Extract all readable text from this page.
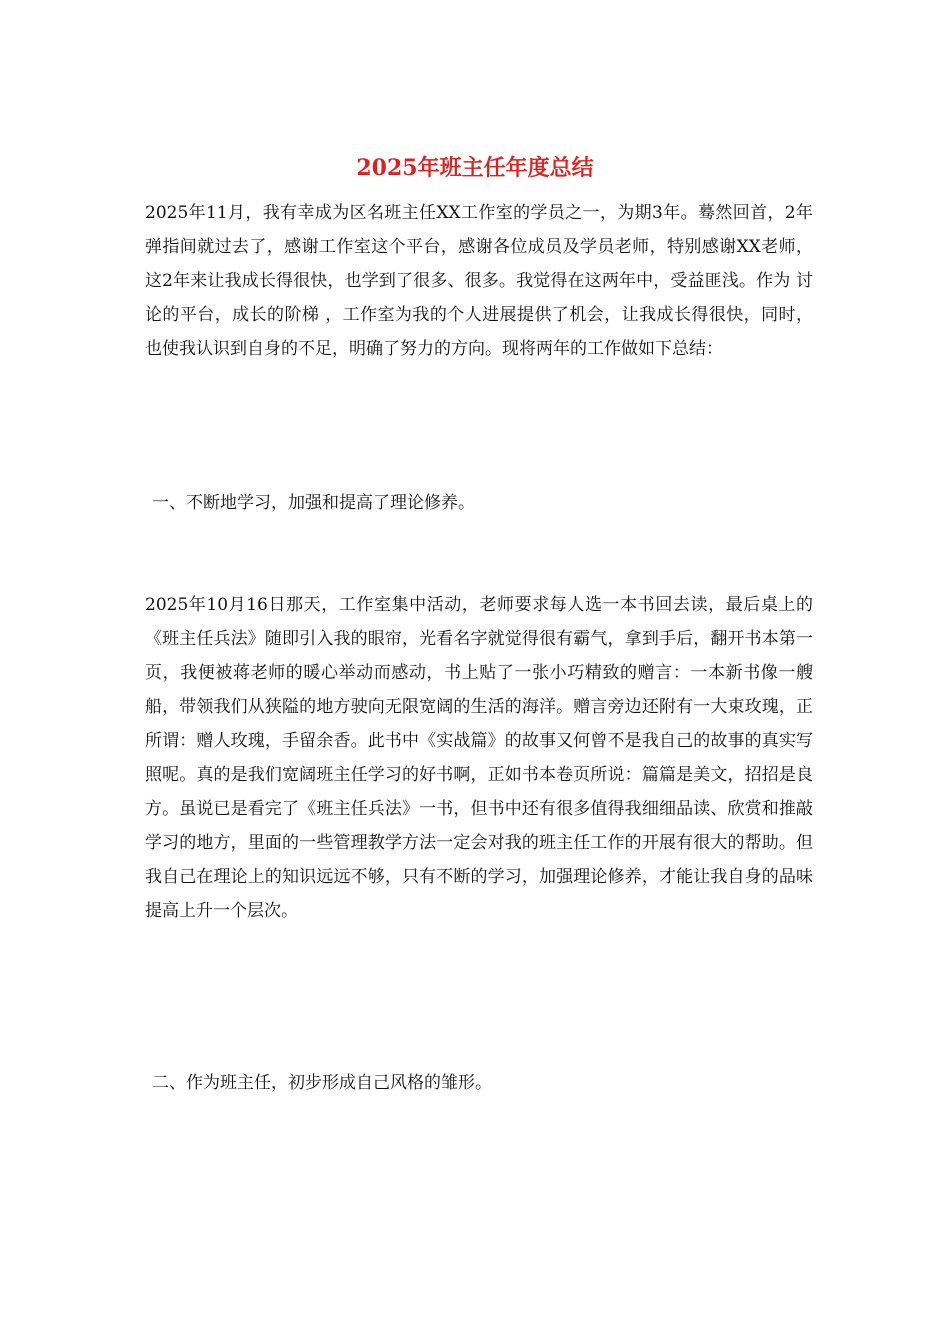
2025年班主任年度总结

2025年11月，我有幸成为区名班主任XX工作室的学员之一，为期3年。蓦然回首，2年弹指间就过去了，感谢工作室这个平台，感谢各位成员及学员老师，特别感谢XX老师，这2年来让我成长得很快，也学到了很多、很多。我觉得在这两年中，受益匪浅。作为 讨论的平台，成长的阶梯 ，工作室为我的个人进展提供了机会，让我成长得很快，同时，也使我认识到自身的不足，明确了努力的方向。现将两年的工作做如下总结：

一、不断地学习，加强和提高了理论修养。

2025年10月16日那天，工作室集中活动，老师要求每人选一本书回去读，最后桌上的《班主任兵法》随即引入我的眼帘，光看名字就觉得很有霸气，拿到手后，翻开书本第一页，我便被蒋老师的暖心举动而感动，书上贴了一张小巧精致的赠言：一本新书像一艘船，带领我们从狭隘的地方驶向无限宽阔的生活的海洋。赠言旁边还附有一大束玫瑰，正所谓：赠人玫瑰，手留余香。此书中《实战篇》的故事又何曾不是我自己的故事的真实写照呢。真的是我们宽阔班主任学习的好书啊，正如书本卷页所说：篇篇是美文，招招是良方。虽说已是看完了《班主任兵法》一书，但书中还有很多值得我细细品读、欣赏和推敲学习的地方，里面的一些管理教学方法一定会对我的班主任工作的开展有很大的帮助。但我自己在理论上的知识远远不够，只有不断的学习，加强理论修养，才能让我自身的品味提高上升一个层次。

二、作为班主任，初步形成自己风格的雏形。
